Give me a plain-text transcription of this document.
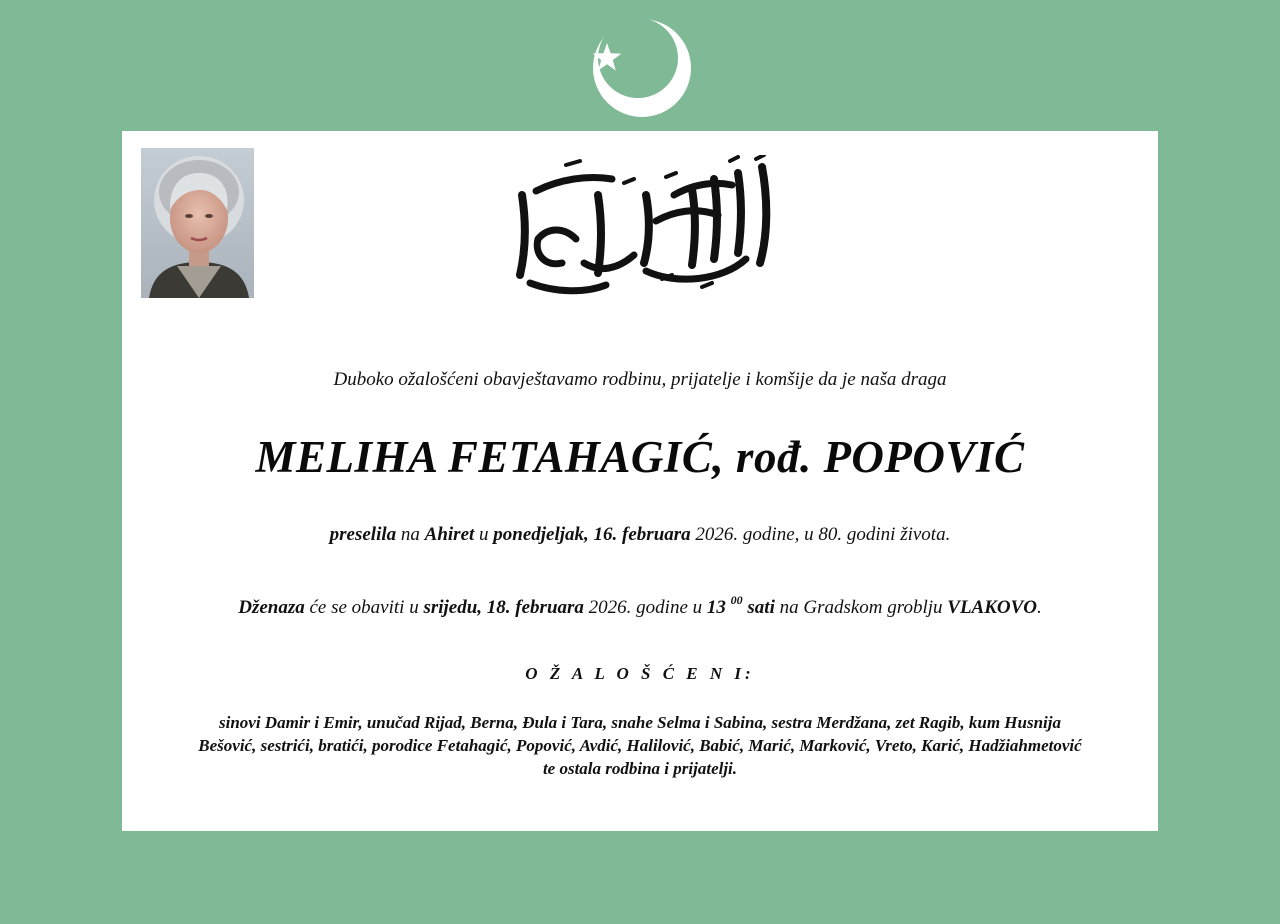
Duboko ožalošćeni obavještavamo rodbinu, prijatelje i komšije da je naša draga
MELIHA FETAHAGIĆ, rođ. POPOVIĆ
preselila na Ahiret u ponedjeljak, 16. februara 2026. godine, u 80. godini života.
Dženaza će se obaviti u srijedu, 18. februara 2026. godine u 13 $^{00}$ sati na Gradskom groblju VLAKOVO.
O Ž A L O Š Ć E N I:
sinovi Damir i Emir, unučad Rijad, Berna, Đula i Tara, snahe Selma i Sabina, sestra Merdžana, zet Ragib, kum Husnija
Bešović, sestrići, bratići, porodice Fetahagić, Popović, Avdić, Halilović, Babić, Marić, Marković, Vreto, Karić, Hadžiahmetović
te ostala rodbina i prijatelji.
